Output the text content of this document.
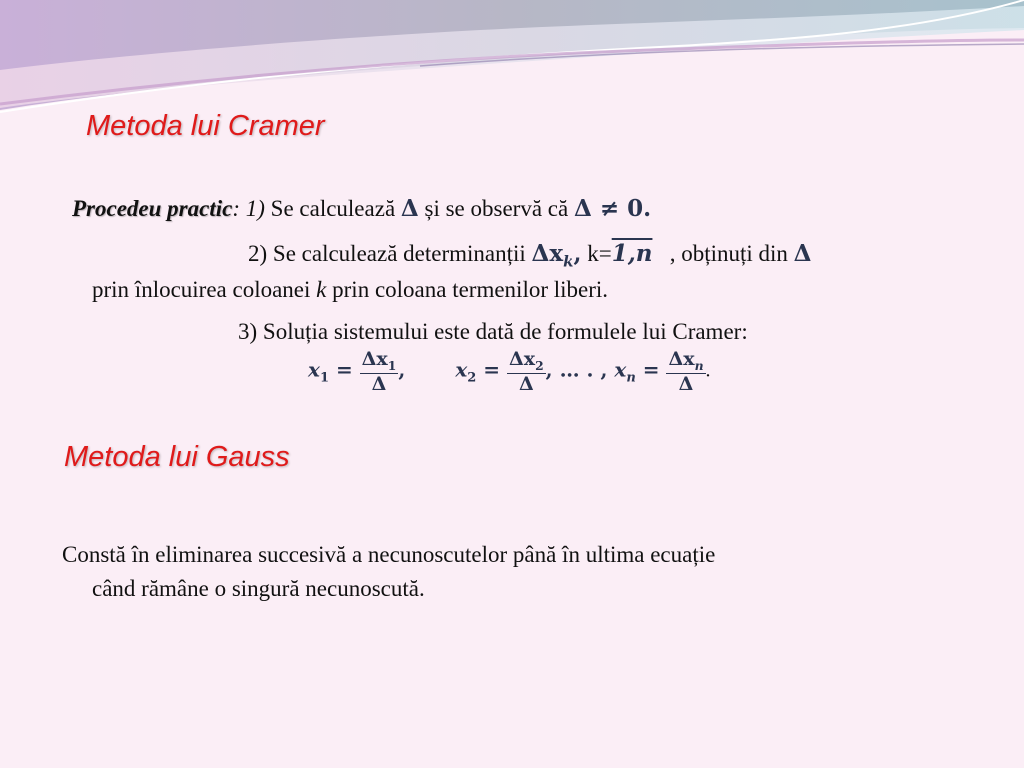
Metoda lui Cramer
Procedeu practic: 1) Se calculează Δ și se observă că Δ ≠ 0.
2) Se calculează determinanții $\Delta x_k$, k=1,n , obținuți din Δ
prin înlocuirea coloanei k prin coloana termenilor liberi.
3) Soluția sistemului este dată de formulele lui Cramer:
$x_1 = \frac{\Delta x_1}{\Delta}$ ,	$x_2 = \frac{\Delta x_2}{\Delta}$ , … . , $x_n = \frac{\Delta x_n}{\Delta}$ .
Metoda lui Gauss
Constă în eliminarea succesivă a necunoscutelor până în ultima ecuație
când rămâne o singură necunoscută.
